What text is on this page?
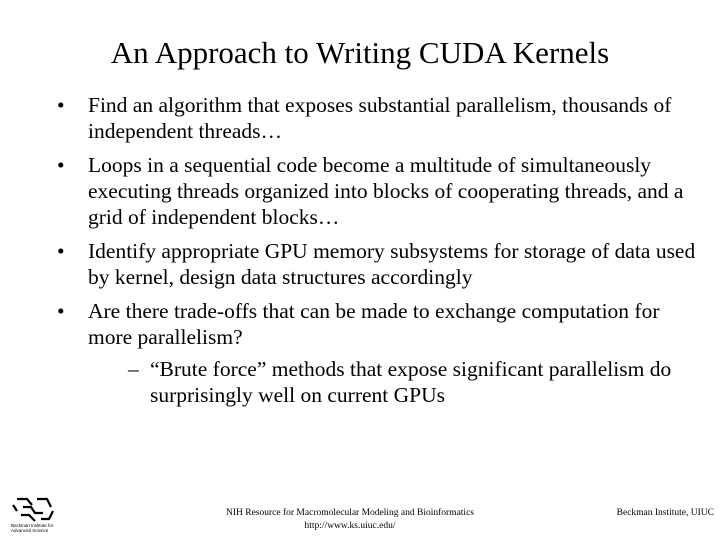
An Approach to Writing CUDA Kernels
•	Find an algorithm that exposes substantial parallelism, thousands of independent threads…
•	Loops in a sequential code become a multitude of simultaneously executing threads organized into blocks of cooperating threads, and a grid of independent blocks…
•	Identify appropriate GPU memory subsystems for storage of data used by kernel, design data structures accordingly
•	Are there trade-offs that can be made to exchange computation for more parallelism?
– “Brute force” methods that expose significant parallelism do surprisingly well on current GPUs
Beckman Institute for Advanced Science
NIH Resource for Macromolecular Modeling and Bioinformatics
http://www.ks.uiuc.edu/
Beckman Institute, UIUC
